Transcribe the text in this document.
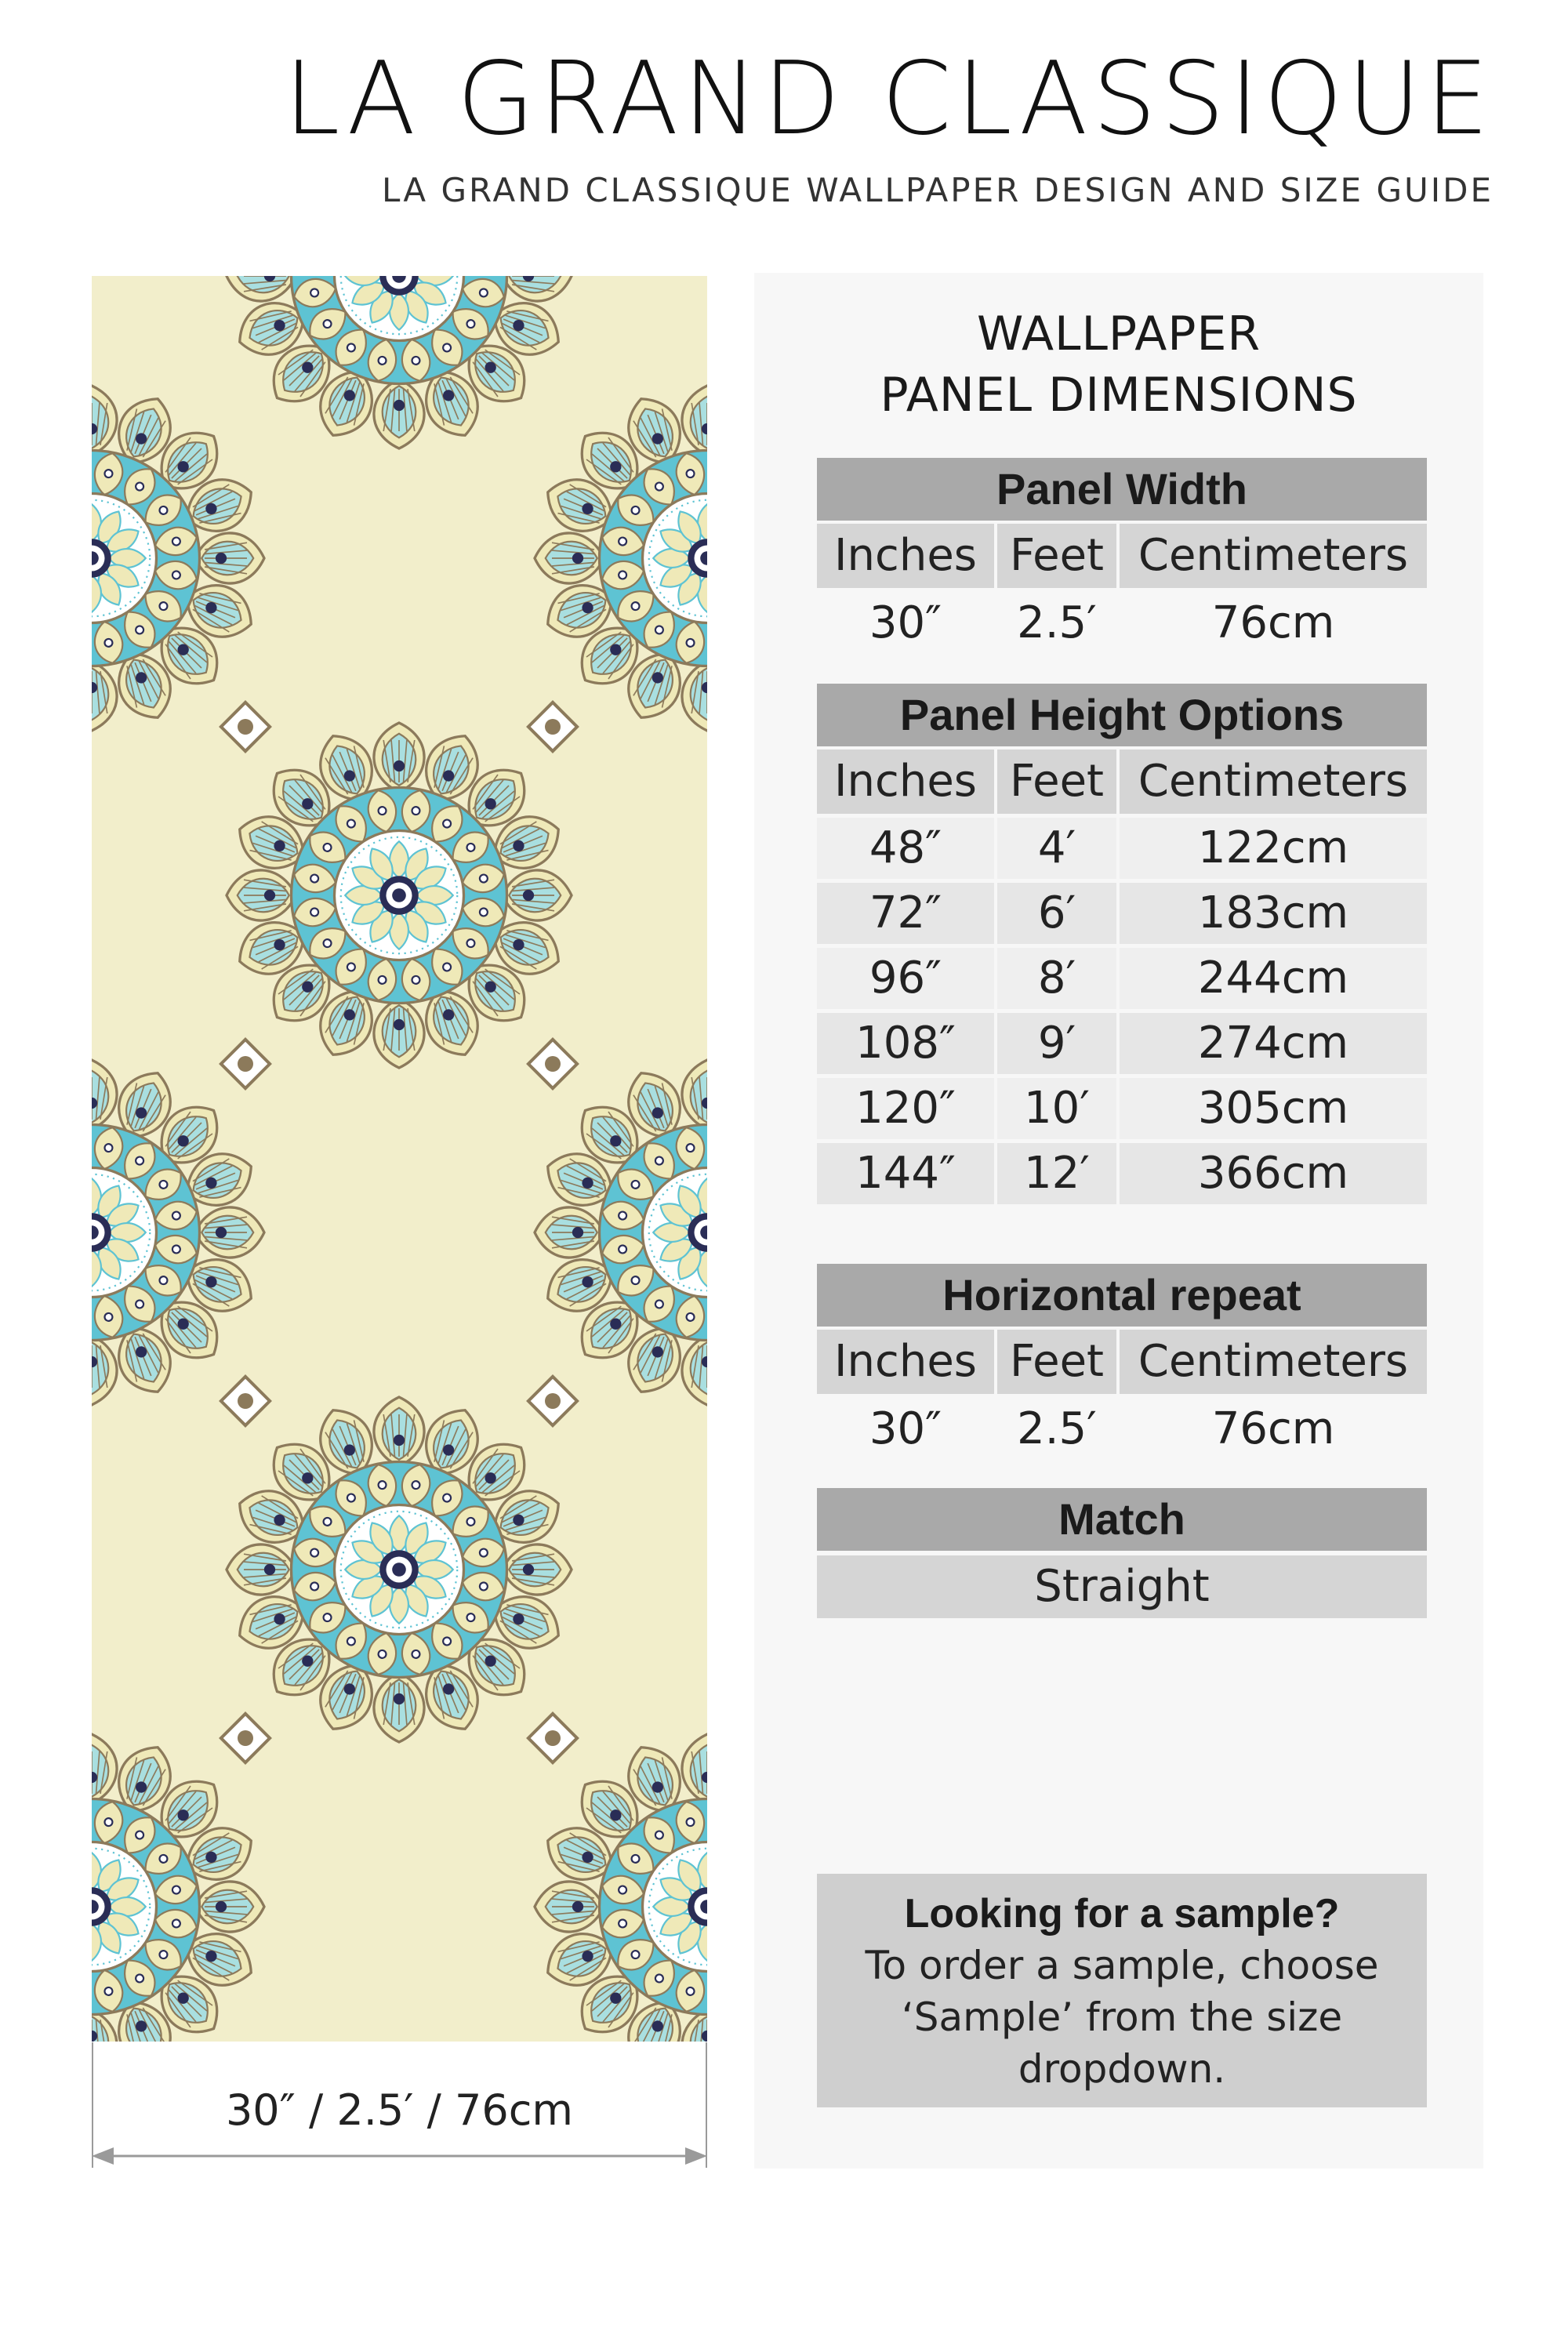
LA GRAND CLASSIQUE
LA GRAND CLASSIQUE WALLPAPER DESIGN AND SIZE GUIDE
30″ / 2.5′ / 76cm
WALLPAPER
PANEL DIMENSIONS
Panel Width
Inches Feet Centimeters
30″	2.5′	76cm
Panel Height Options
Inches Feet Centimeters
48″	4′	122cm
72″	6′	183cm
96″	8′	244cm
108″	9′	274cm
120″	10′	305cm
144″	12′	366cm
Horizontal repeat
Inches Feet Centimeters
30″	2.5′	76cm
Match
Straight
Looking for a sample?
To order a sample, choose ‘Sample’ from the size dropdown.
